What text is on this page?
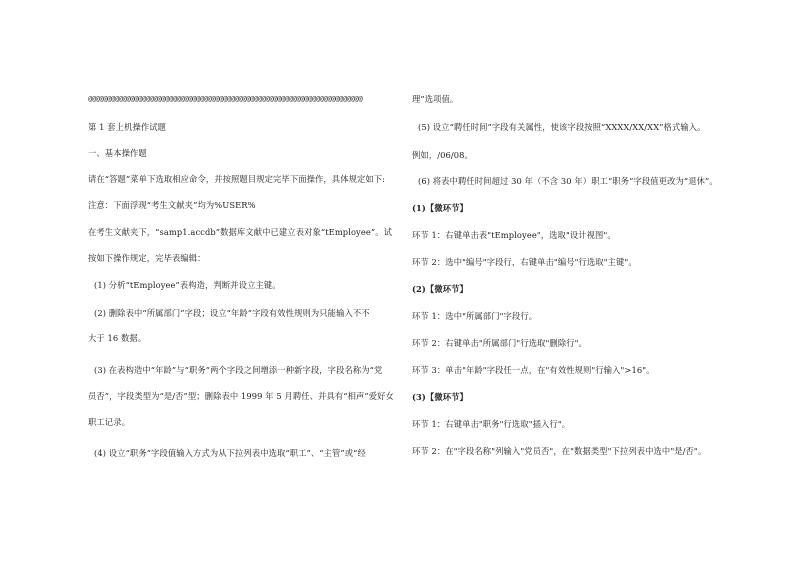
@@@@@@@@@@@@@@@@@@@@@@@@@@@@@@@@@@@@@@@@@@@@@@@@@@@@@@@@@@@@@@@@@@@@@@@
第 1 套上机操作试题
一、基本操作题
请在“答题”菜单下选取相应命令，并按照题目规定完毕下面操作，具体规定如下:
注意：下面浮现“考生文献夹”均为%USER%
在考生文献夹下，“samp1.accdb”数据库文献中已建立表对象“tEmployee”。试
按如下操作规定，完毕表编辑：
(1) 分析“tEmployee”表构造，判断并设立主键。
(2) 删除表中“所属部门”字段；设立“年龄”字段有效性规则为只能输入不不
大于 16 数据。
(3) 在表构造中“年龄”与“职务”两个字段之间增添一种新字段，字段名称为“党
员否”，字段类型为“是/否”型；删除表中 1999 年 5 月聘任、并具有“相声”爱好女
职工记录。
(4) 设立“职务”字段值输入方式为从下拉列表中选取“职工”、“主管”或“经
理”选项值。
(5) 设立“聘任时间”字段有关属性，使该字段按照“XXXX/XX/XX”格式输入。
例如，/06/08。
(6) 将表中聘任时间超过 30 年（不含 30 年）职工“职务”字段值更改为“退休”。
(1)【微环节】
环节 1：右键单击表"tEmployee"，选取"设计视图"。
环节 2：选中"编号"字段行，右键单击"编号"行选取"主键"。
(2)【微环节】
环节 1：选中"所属部门"字段行。
环节 2：右键单击"所属部门"行选取"删除行"。
环节 3：单击"年龄"字段任一点，在"有效性规则"行输入">16"。
(3)【微环节】
环节 1：右键单击"职务"行选取"插入行"。
环节 2：在"字段名称"列输入"党员否"，在"数据类型"下拉列表中选中"是/否"。
